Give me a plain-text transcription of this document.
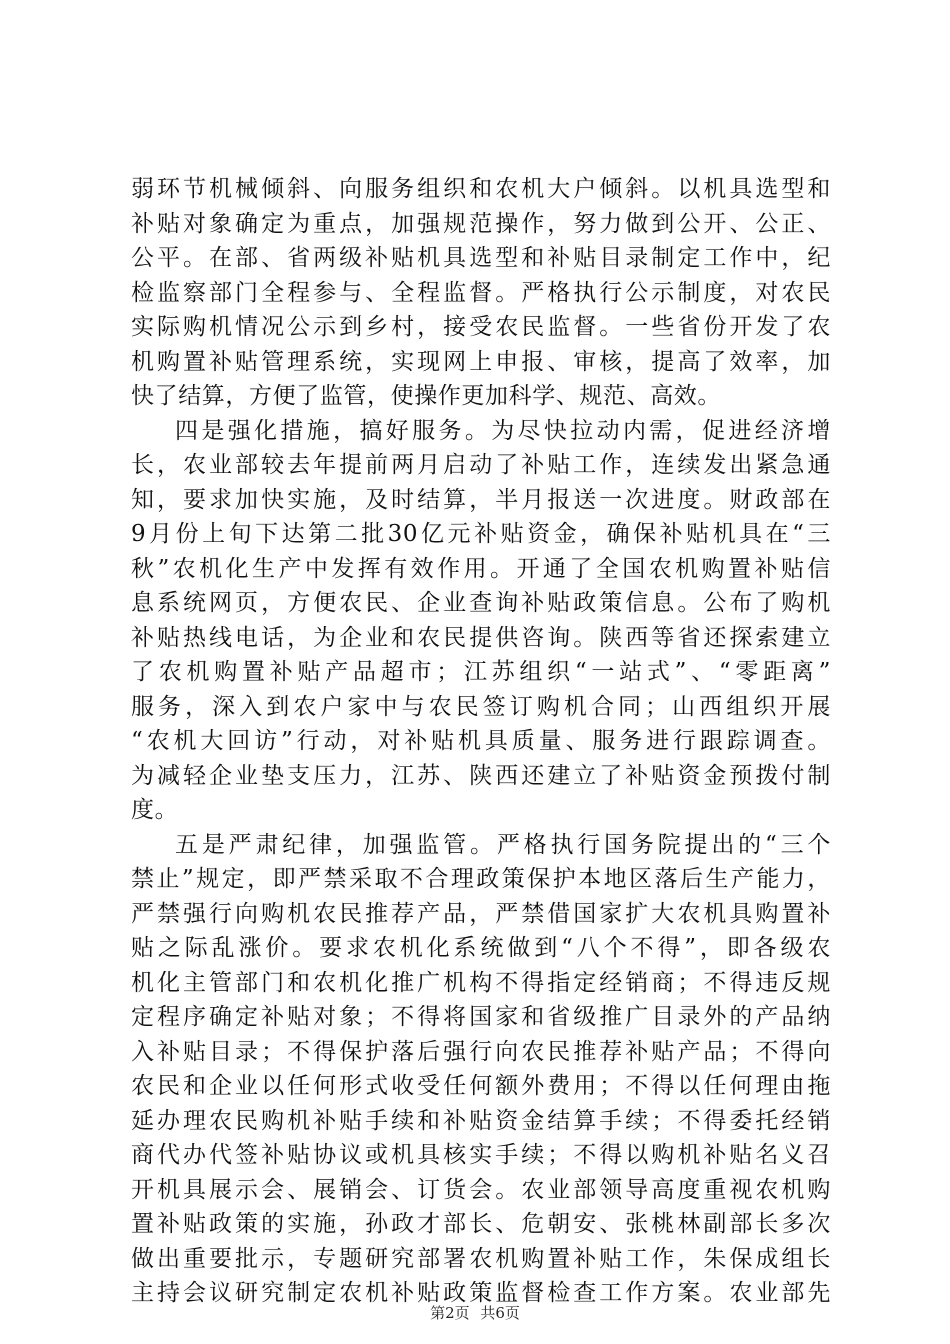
弱环节机械倾斜、向服务组织和农机大户倾斜。以机具选型和
补贴对象确定为重点，加强规范操作，努力做到公开、公正、
公平。在部、省两级补贴机具选型和补贴目录制定工作中，纪
检监察部门全程参与、全程监督。严格执行公示制度，对农民
实际购机情况公示到乡村，接受农民监督。一些省份开发了农
机购置补贴管理系统，实现网上申报、审核，提高了效率，加
快了结算，方便了监管，使操作更加科学、规范、高效。
四是强化措施，搞好服务。为尽快拉动内需，促进经济增
长，农业部较去年提前两月启动了补贴工作，连续发出紧急通
知，要求加快实施，及时结算，半月报送一次进度。财政部在
9月份上旬下达第二批30亿元补贴资金，确保补贴机具在“三
秋”农机化生产中发挥有效作用。开通了全国农机购置补贴信
息系统网页，方便农民、企业查询补贴政策信息。公布了购机
补贴热线电话，为企业和农民提供咨询。陕西等省还探索建立
了农机购置补贴产品超市；江苏组织“一站式”、“零距离”
服务，深入到农户家中与农民签订购机合同；山西组织开展
“农机大回访”行动，对补贴机具质量、服务进行跟踪调查。
为减轻企业垫支压力，江苏、陕西还建立了补贴资金预拨付制
度。
五是严肃纪律，加强监管。严格执行国务院提出的“三个
禁止”规定，即严禁采取不合理政策保护本地区落后生产能力，
严禁强行向购机农民推荐产品，严禁借国家扩大农机具购置补
贴之际乱涨价。要求农机化系统做到“八个不得”，即各级农
机化主管部门和农机化推广机构不得指定经销商；不得违反规
定程序确定补贴对象；不得将国家和省级推广目录外的产品纳
入补贴目录；不得保护落后强行向农民推荐补贴产品；不得向
农民和企业以任何形式收受任何额外费用；不得以任何理由拖
延办理农民购机补贴手续和补贴资金结算手续；不得委托经销
商代办代签补贴协议或机具核实手续；不得以购机补贴名义召
开机具展示会、展销会、订货会。农业部领导高度重视农机购
置补贴政策的实施，孙政才部长、危朝安、张桃林副部长多次
做出重要批示，专题研究部署农机购置补贴工作，朱保成组长
主持会议研究制定农机补贴政策监督检查工作方案。农业部先
第2页 共6页
